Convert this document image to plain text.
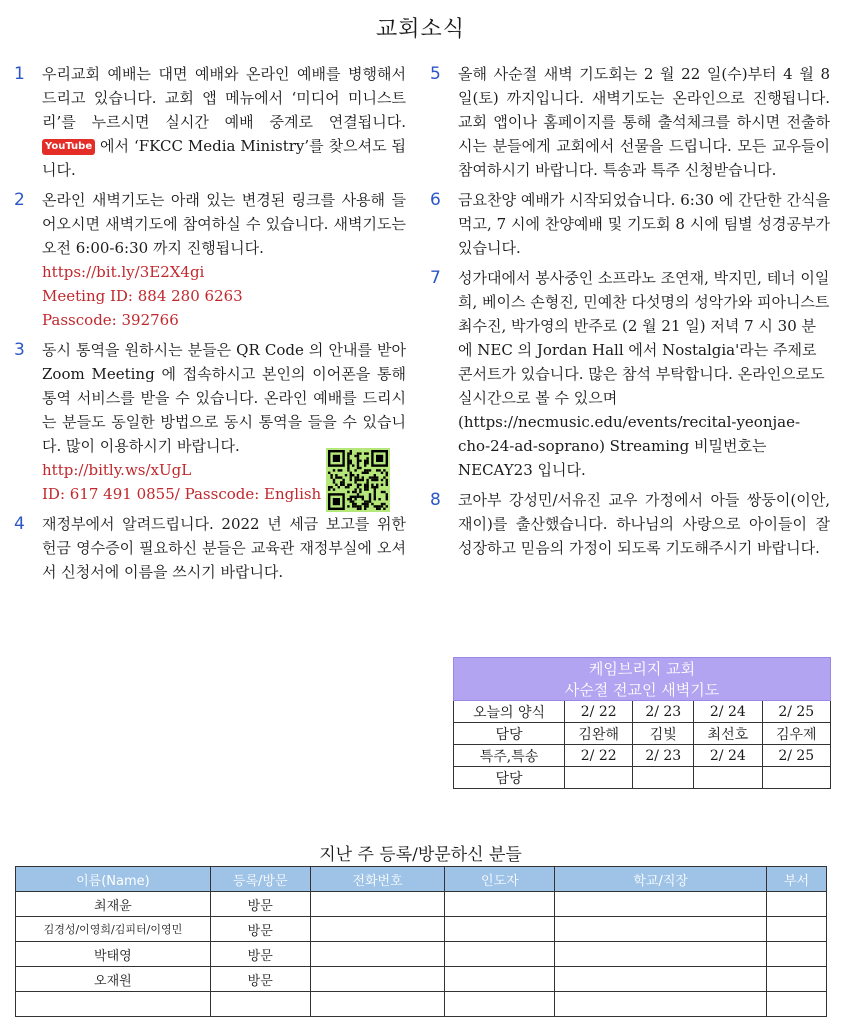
교회소식
1 우리교회 예배는 대면 예배와 온라인 예배를 병행해서 드리고 있습니다. 교회 앱 메뉴에서 ‘미디어 미니스트리’를 누르시면 실시간 예배 중계로 연결됩니다. YouTube 에서 ‘FKCC Media Ministry’를 찾으셔도 됩니다.

2 온라인 새벽기도는 아래 있는 변경된 링크를 사용해 들어오시면 새벽기도에 참여하실 수 있습니다. 새벽기도는 오전 6:00-6:30 까지 진행됩니다.

https://bit.ly/3E2X4gi

Meeting ID: 884 280 6263

Passcode: 392766

3 동시 통역을 원하시는 분들은 QR Code 의 안내를 받아 Zoom Meeting 에 접속하시고 본인의 이어폰을 통해 통역 서비스를 받을 수 있습니다. 온라인 예배를 드리시는 분들도 동일한 방법으로 동시 통역을 들을 수 있습니다. 많이 이용하시기 바랍니다.

http://bitly.ws/xUgL

ID: 617 491 0855/ Passcode: English

4 재정부에서 알려드립니다. 2022 년 세금 보고를 위한 헌금 영수증이 필요하신 분들은 교육관 재정부실에 오셔서 신청서에 이름을 쓰시기 바랍니다.

5 올해 사순절 새벽 기도회는 2 월 22 일(수)부터 4 월 8 일(토) 까지입니다. 새벽기도는 온라인으로 진행됩니다. 교회 앱이나 홈페이지를 통해 출석체크를 하시면 전출하시는 분들에게 교회에서 선물을 드립니다. 모든 교우들이 참여하시기 바랍니다. 특송과 특주 신청받습니다.

6 금요찬양 예배가 시작되었습니다. 6:30 에 간단한 간식을 먹고, 7 시에 찬양예배 및 기도회 8 시에 팀별 성경공부가 있습니다.

7 성가대에서 봉사중인 소프라노 조연재, 박지민, 테너 이일희, 베이스 손형진, 민예찬 다섯명의 성악가와 피아니스트 최수진, 박가영의 반주로 (2 월 21 일) 저녁 7 시 30 분에 NEC 의 Jordan Hall 에서 Nostalgia'라는 주제로 콘서트가 있습니다. 많은 참석 부탁합니다. 온라인으로도 실시간으로 볼 수 있으며 (https://necmusic.edu/events/recital-yeonjae-cho-24-ad-soprano) Streaming 비밀번호는 NECAY23 입니다.

8 코아부 강성민/서유진 교우 가정에서 아들 쌍둥이(이안,재이)를 출산했습니다. 하나님의 사랑으로 아이들이 잘 성장하고 믿음의 가정이 되도록 기도해주시기 바랍니다.

케임브리지 교회
사순절 전교인 새벽기도				

오늘의 양식	2/ 22	2/ 23	2/ 24	2/ 25
담당	김완해	김빛	최선호	김우제
특주,특송	2/ 22	2/ 23	2/ 24	2/ 25
담당				
지난 주 등록/방문하신 분들
이름(Name)	등록/방문	전화번호	인도자	학교/직장	부서
최재윤	방문				
김경성/이영희/김피터/이영민	방문				
박태영	방문				
오재원	방문				
